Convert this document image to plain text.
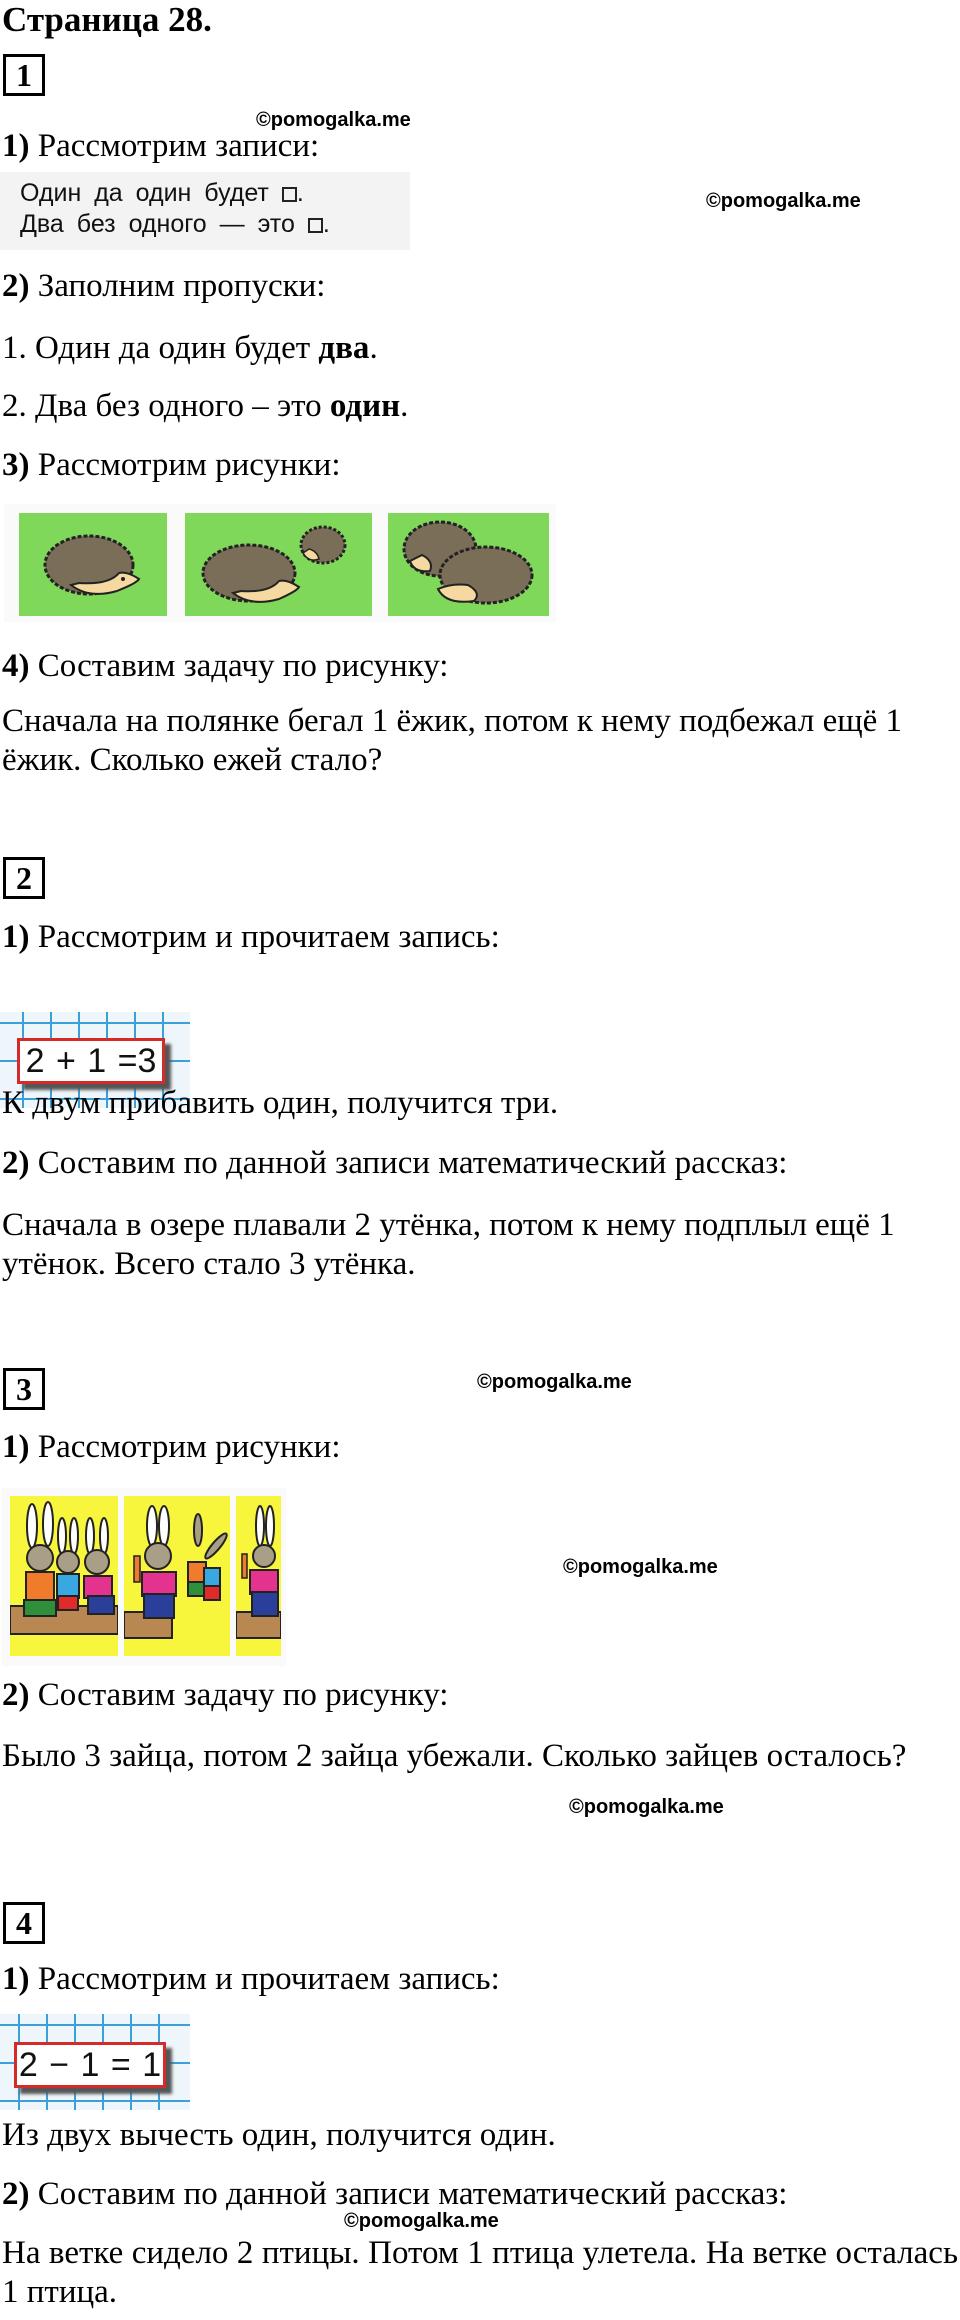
Страница 28.
1
©pomogalka.me
1) Рассмотрим записи:
Один да один будет .
Два без одного — это .
©pomogalka.me
2) Заполним пропуски:
1. Один да один будет два.
2. Два без одного – это один.
3) Рассмотрим рисунки:
4) Составим задачу по рисунку:
Сначала на полянке бегал 1 ёжик, потом к нему подбежал ещё 1 ёжик. Сколько ежей стало?
2
1) Рассмотрим и прочитаем запись:
2 + 1 =3
К двум прибавить один, получится три.
2) Составим по данной записи математический рассказ:
Сначала в озере плавали 2 утёнка, потом к нему подплыл ещё 1 утёнок. Всего стало 3 утёнка.
3	©pomogalka.me
1) Рассмотрим рисунки:
©pomogalka.me
2) Составим задачу по рисунку:
Было 3 зайца, потом 2 зайца убежали. Сколько зайцев осталось?
©pomogalka.me
4
1) Рассмотрим и прочитаем запись:
2 − 1 = 1
Из двух вычесть один, получится один.
2) Составим по данной записи математический рассказ:
©pomogalka.me
На ветке сидело 2 птицы. Потом 1 птица улетела. На ветке осталась 1 птица.
